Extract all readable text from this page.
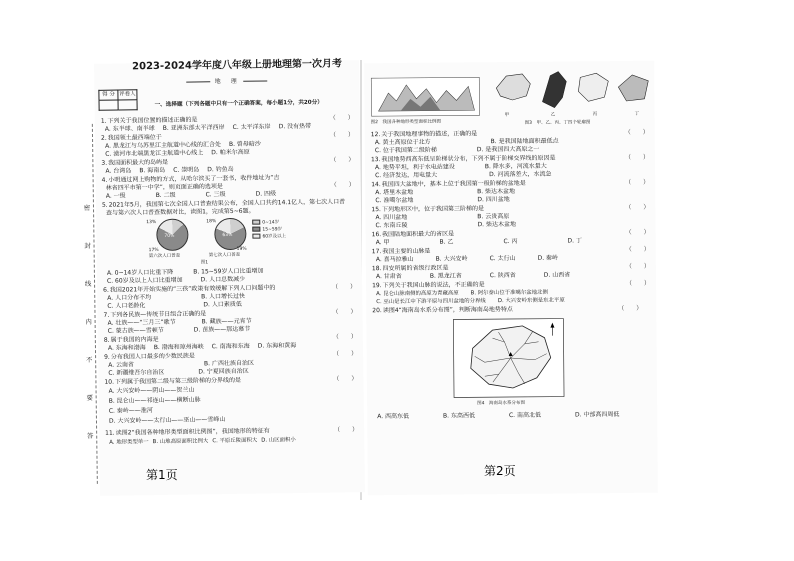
2023-2024学年度八年级上册地理第一次月考
地　理
得 分	评卷人

一、选择题（下列各题中只有一个正确答案，每小题1分，共20分）
密
封
线
内
不
要
答
1.下列关于我国位置的描述正确的是	（　　）
A. 东半球、南半球 B. 亚洲东部太平洋西岸 C. 太平洋东岸 D. 没有热带
2.我国领土最西端位于	（　　）
A. 黑龙江与乌苏里江主航道中心线的汇合处 B. 曾母暗沙
C. 漠河市北端黑龙江主航道中心线上 D. 帕米尔高原
3.我国面积最大的岛屿是	（　　）
A. 台湾岛 B. 海南岛 C. 崇明岛 D. 钓鱼岛
4.小明通过网上购物的方式，从哈尔滨买了一套书，收件地址为“吉
林省四平市第一中学”，则页面正确的选项是	（　　）
A. 一级	B. 二级	C. 三级	D. 四级
5.2021年5月，我国第七次全国人口普查结果公布，全国人口共约14.1亿人，第七次人口普
查与第六次人口普查数据对比，读图1，完成第5~6题。
13%
70%
17%
18%
63%
19%
0~14岁
15~59岁
60岁及以上
第六次人口普查	第七次人口普查
图1
A. 0~14岁人口比重下降	B. 15~59岁人口比重增加
C. 60岁及以上人口比重增加	D. 人口总数减少
6.我国2021年开始实施的“三孩”政策有效缓解下列人口问题中的	（　　）
A. 人口分布不均	B. 人口增长过快
C. 人口老龄化	D. 人口素质低
7.下列各民族—传统节日组合正确的是	（　　）
A. 壮族——“三月三”歌节	B. 藏族——元宵节
C. 蒙古族——雪顿节	D. 苗族——那达慕节
8.属于我国的内海是	（　　）
A. 东海和渤海 B. 渤海和琼州海峡 C. 南海和东海 D. 东海和黄海
9.分布我国人口最多的少数民族是	（　　）
A. 云南省	B. 广西壮族自治区
C. 新疆维吾尔自治区	D. 宁夏回族自治区
10.下列属于我国第二级与第三级阶梯的分界线的是	（　　）
A. 大兴安岭——阴山——贺兰山
B. 昆仑山——祁连山——横断山脉
C. 秦岭——淮河
D. 大兴安岭——太行山——巫山——雪峰山
11.读图2“我国各种地形类型面积比例图”，我国地形的特征有	（　　）
A. 地形类型单一 B. 山地高原面积比例大 C. 平原丘陵面积大 D. 山区面积小
图2　我国各种地形类型面积比例图
甲	乙	丙	丁
图3　甲、乙、丙、丁四个轮廓图
12.关于我国地理事物的描述，正确的是	（　　）
A. 黄土高原位于北方	B. 是我国陆地面积最低点
C. 位于我国第二级阶梯	D. 是我国四大高原之一
13.我国地势西高东低呈阶梯状分布，下列不属于阶梯交界线的原因是	（　　）
A. 地势平坦，利于水电站建设	B. 降水多，河流水量大
C. 经济发达，用电量大	D. 河流落差大，水流急
14.我国四大盆地中，基本上位于我国第一级阶梯的盆地是	（　　）
A. 塔里木盆地	B. 柴达木盆地
C. 准噶尔盆地	D. 四川盆地
15.下列地形区中，位于我国第三阶梯的是	（　　）
A. 四川盆地	B. 云贵高原
C. 东南丘陵	D. 柴达木盆地
16.我国陆地面积最大的省区是	（　　）
A. 甲	B. 乙	C. 丙	D. 丁
17.我国主要的山脉是	（　　）
A. 喜马拉雅山	B. 大兴安岭	C. 太行山	D. 秦岭
18.四安所属的省级行政区是	（　　）
A. 甘肃省	B. 黑龙江省	C. 陕西省	D. 山西省
19.下列关于我国山脉的说法，不正确的是	（　　）
A. 昆仑山脉南侧的高原为青藏高原 B. 阿尔泰山位于准噶尔盆地北侧
C. 巫山是长江中下游平原与四川盆地的分界线 D. 大兴安岭东侧是东北平原
20.读图4“海南岛水系分布图”，判断海南岛地势特点	（　　）
图4　海南岛水系分布图
A. 西高东低	B. 东高西低	C. 南高北低	D. 中部高四周低
第1页	第2页
